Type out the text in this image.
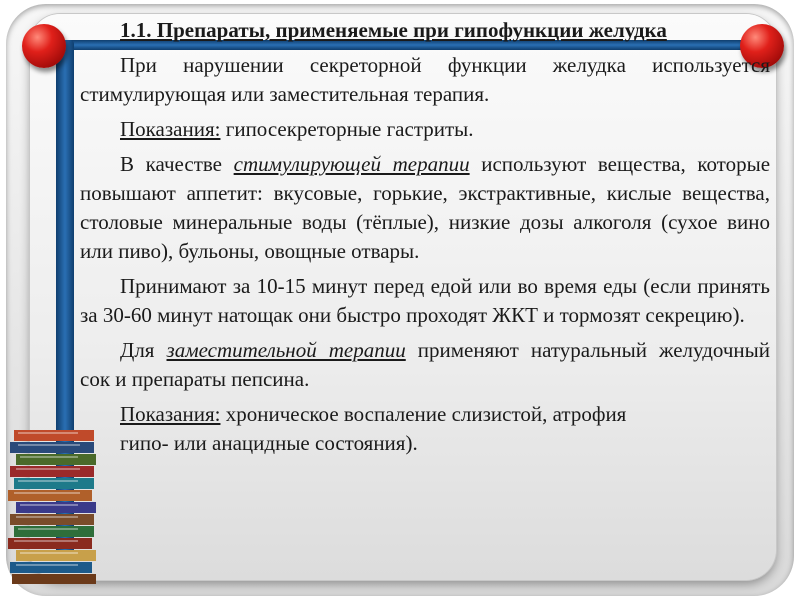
1.1. Препараты, применяемые при гипофункции желудка

При нарушении секреторной функции желудка используется стимулирующая или заместительная терапия.

Показания: гипосекреторные гастриты.

В качестве стимулирующей терапии используют вещества, которые повышают аппетит: вкусовые, горькие, экстрактивные, кислые вещества, столовые минеральные воды (тёплые), низкие дозы алкоголя (сухое вино или пиво), бульоны, овощные отвары.

Принимают за 10-15 минут перед едой или во время еды (если принять за 30-60 минут натощак они быстро проходят ЖКТ и тормозят секрецию).

Для заместительной терапии применяют натуральный желудочный сок и препараты пепсина.

Показания: хроническое воспаление слизистой, атрофия

гипо- или анацидные состояния).
